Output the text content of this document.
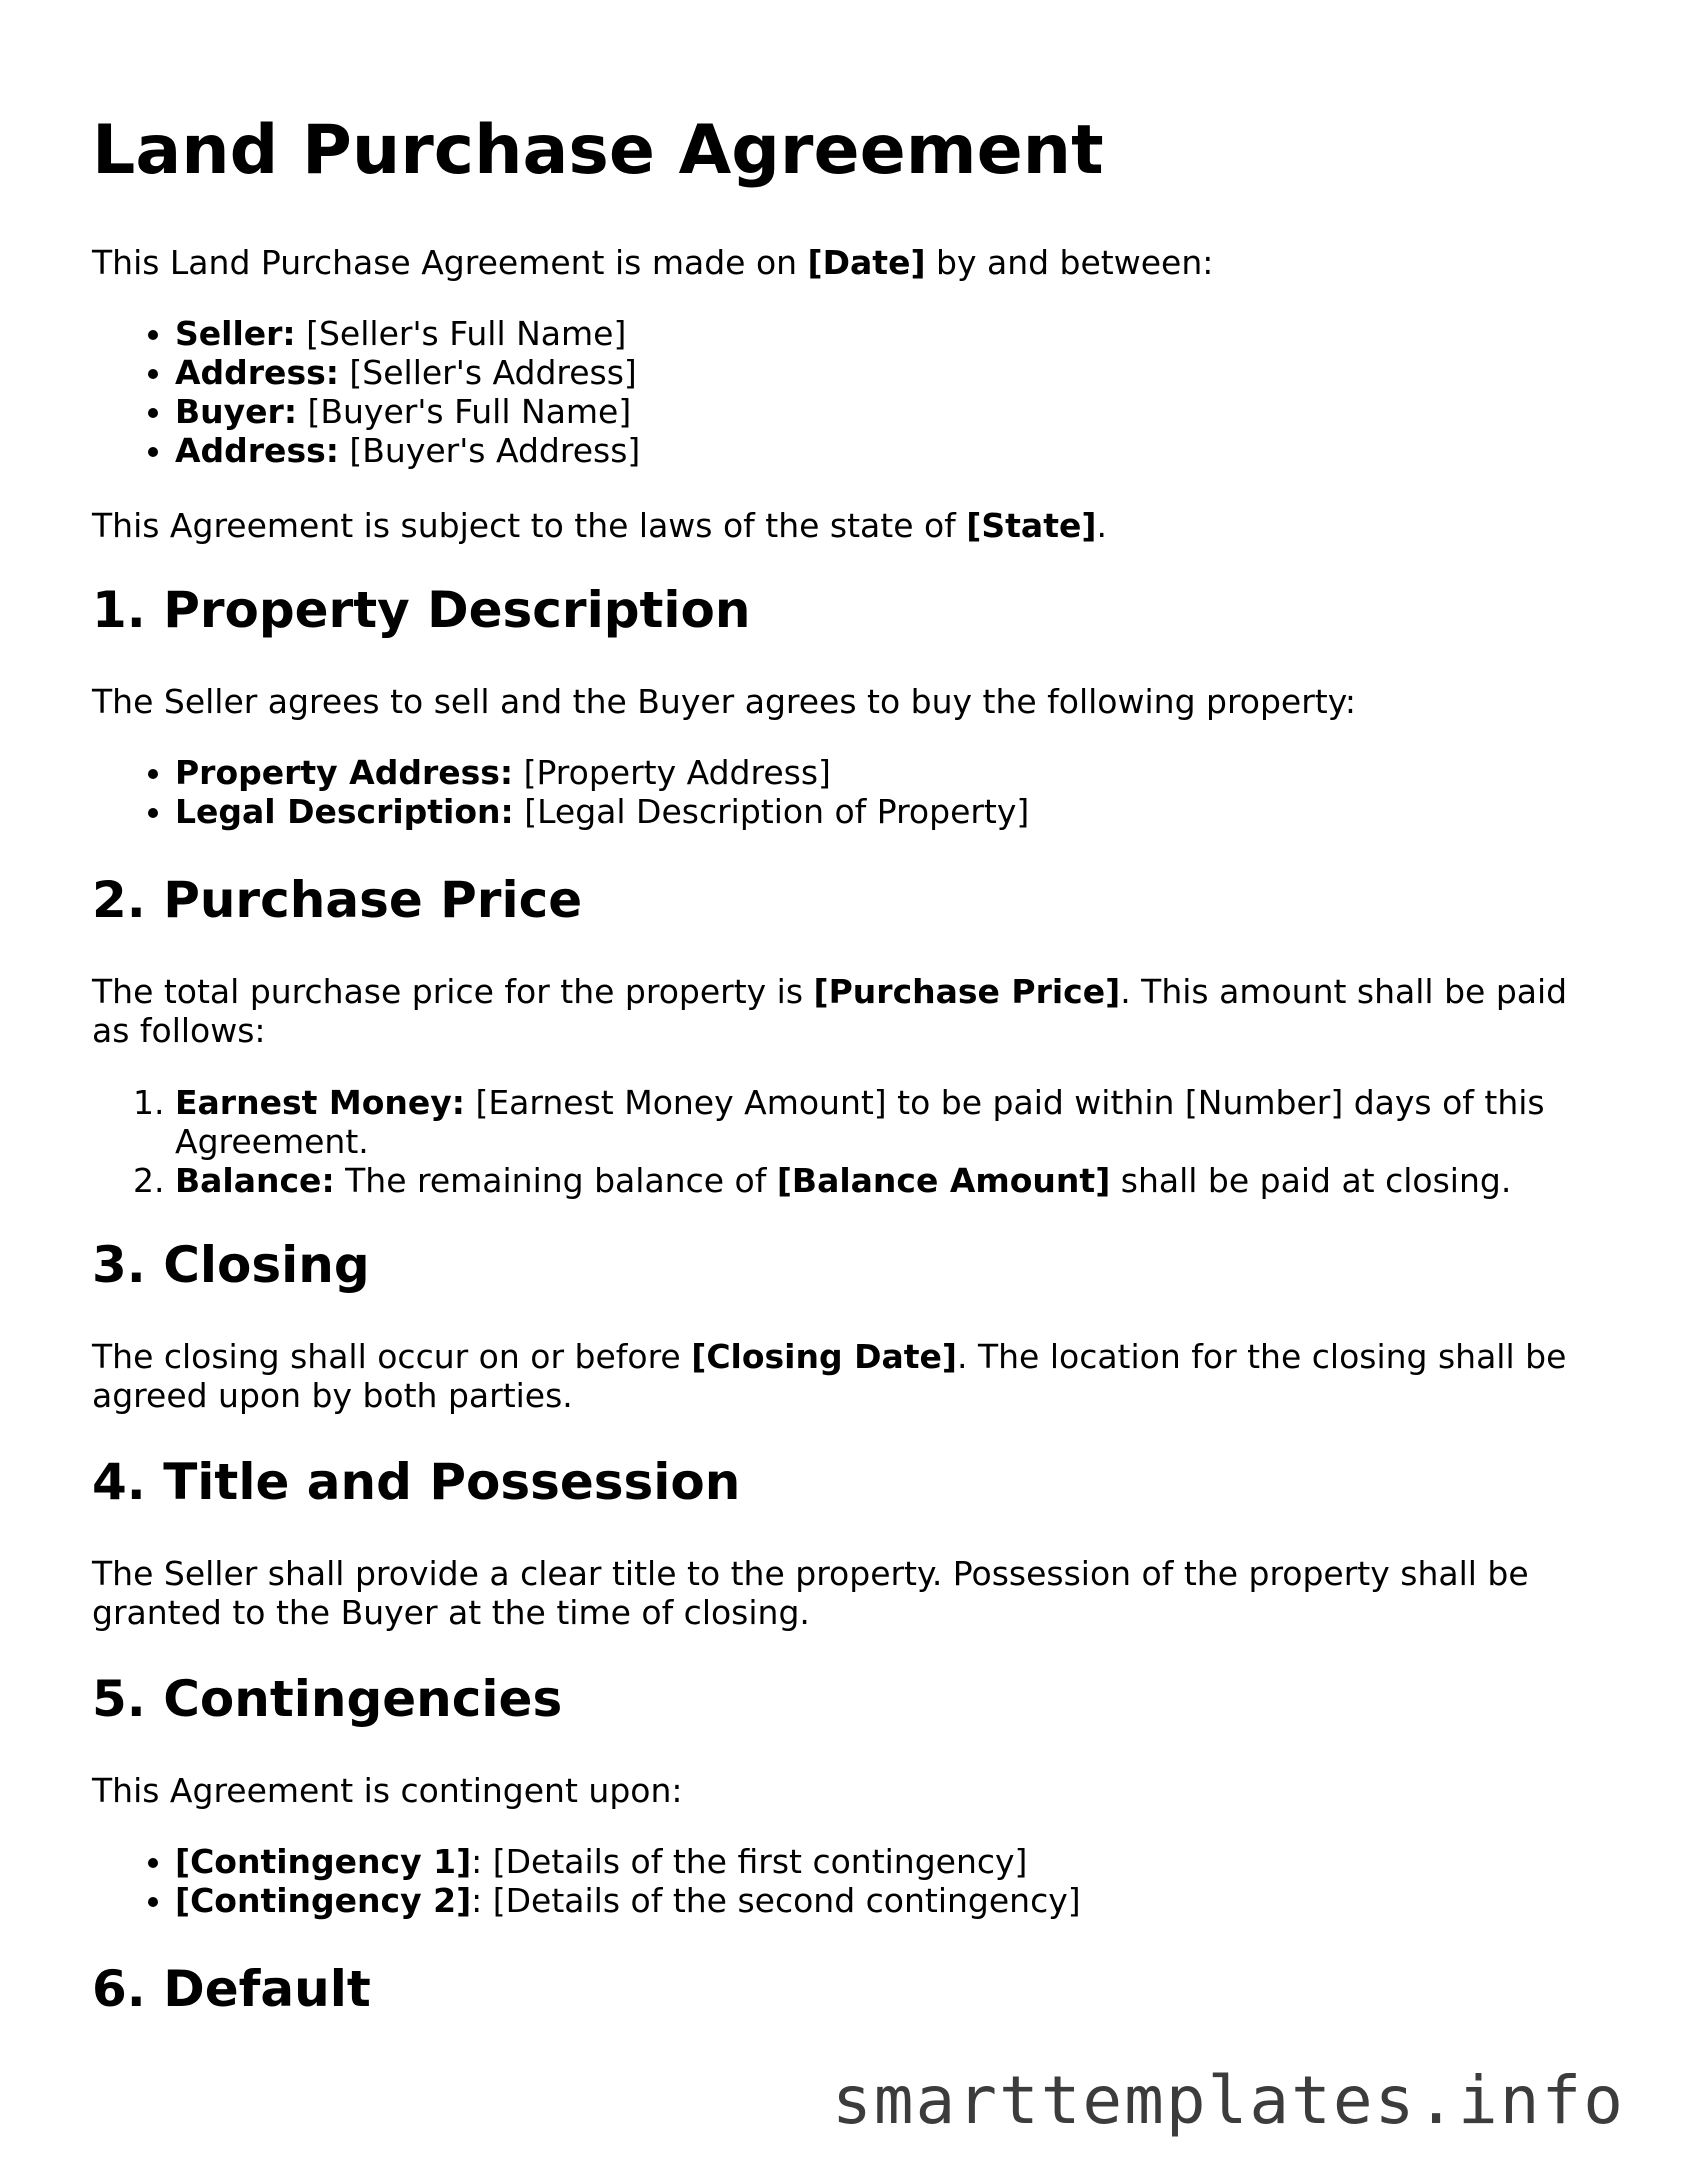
Land Purchase Agreement

This Land Purchase Agreement is made on [Date] by and between:

• Seller: [Seller's Full Name]
• Address: [Seller's Address]
• Buyer: [Buyer's Full Name]
• Address: [Buyer's Address]

This Agreement is subject to the laws of the state of [State].

1. Property Description

The Seller agrees to sell and the Buyer agrees to buy the following property:

• Property Address: [Property Address]
• Legal Description: [Legal Description of Property]
2. Purchase Price

The total purchase price for the property is [Purchase Price]. This amount shall be paid as follows:

1. Earnest Money: [Earnest Money Amount] to be paid within [Number] days of this Agreement.
2. Balance: The remaining balance of [Balance Amount] shall be paid at closing.
3. Closing

The closing shall occur on or before [Closing Date]. The location for the closing shall be agreed upon by both parties.

4. Title and Possession

The Seller shall provide a clear title to the property. Possession of the property shall be granted to the Buyer at the time of closing.

5. Contingencies

This Agreement is contingent upon:

• [Contingency 1]: [Details of the first contingency]
• [Contingency 2]: [Details of the second contingency]
6. Default
smarttemplates.info
